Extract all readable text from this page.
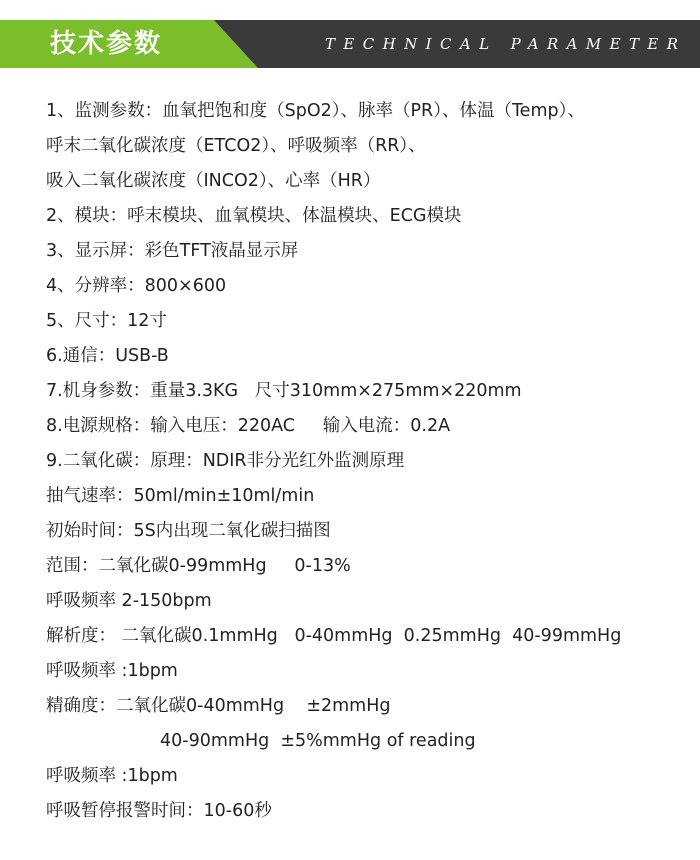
技术参数	TECHNICAL PARAMETER
1、监测参数：血氧把饱和度（SpO2）、脉率（PR）、体温（Temp）、
呼末二氧化碳浓度（ETCO2）、呼吸频率（RR）、
吸入二氧化碳浓度（INCO2）、心率（HR）
2、模块：呼末模块、血氧模块、体温模块、ECG模块
3、显示屏：彩色TFT液晶显示屏
4、分辨率：800×600
5、尺寸：12寸
6.通信：USB-B
7.机身参数：重量3.3KG   尺寸310mm×275mm×220mm
8.电源规格：输入电压：220AC     输入电流：0.2A
9.二氧化碳：原理：NDIR非分光红外监测原理
抽气速率：50ml/min±10ml/min
初始时间：5S内出现二氧化碳扫描图
范围：二氧化碳0-99mmHg     0-13%
呼吸频率 2-150bpm
解析度： 二氧化碳0.1mmHg   0-40mmHg  0.25mmHg  40-99mmHg
呼吸频率 :1bpm
精确度：二氧化碳0-40mmHg    ±2mmHg
40-90mmHg  ±5%mmHg of reading
呼吸频率 :1bpm
呼吸暂停报警时间：10-60秒
